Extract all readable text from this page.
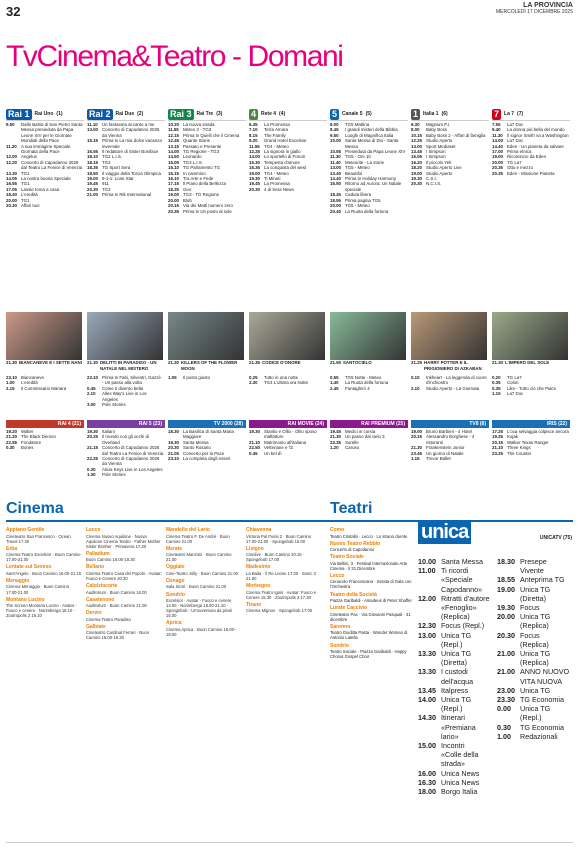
32	LA PROVINCIA
MERCOLEDÌ 17 DICEMBRE 2025
TvCinema&Teatro - Domani
Rai 1	Rai Uno (1)
9.50	Dalle Bahia di San Pietro Santa Messa presieduta da Papa Leone XIV per le Giornate Mondiali della Pace
11.20 A sua immagine Speciale Giornata della Pace
12.00 Angelus
12.20 Concerto di Capodanno 2026 dal Teatro La Fenice di Venezia
13.30 TG1
14.05 La nostra buona Speciale
16.55 TG1
17.05 Lassie torna a casa
18.40 L'eredità
20.00 TG1
20.30 Affari tuoi
Rai 2	Rai Due (2)
11.10 Un fantasma accanto a me
13.00 Concerto di Capodanno 2026 da Vienna
15.15 Prima tv La mia dolce vacanza invernale
16.55 Il redattore di Sister Boniface
18.10 TG2 L.I.S.
18.15 TG2
18.35 TG Sport Sera
18.50 Il viaggio della Torcia Olimpica
19.00 9-1-1: Lone Star
19.45 911
20.30 TG2
21.00 Prima tv Rik International
Rai 3	Rai Tre (3)
10.20 La nuova strada
11.55 Meteo 3 - TG3
12.15 Prima tv Quelli che il Cinema
12.45 Quante Storie
13.15 Passato e Presente
14.00 TG Regione - TG3
14.50 Leonardo
15.05 TG3 L.I.S.
15.10 TG Parlamento TG
15.15 In cammino
16.10 Tra Arte e Fede
17.15 Il Piano della Bellezza
18.25 Geo
19.00 TG3 - TG Regione
20.00 Blob
20.15 Via dei Matti numero zero
20.35 Prima tv Un posto al sole
4	Rete 4 (4)
6.45	La Promessa
7.10	Terra Amara
8.15	The Family
9.20	Grand Hotel Excelsior
11.55 TG4 - Meteo
12.25 La signora in giallo
14.00 Lo sportello di Forum
15.30 Tempesta d'amore
15.35 La conquista del west
19.00 TG4 - Meteo
19.30 Ti Minuti
19.45 La Promessa
20.30 4 di Sera News
5	Canale 5 (5)
8.00	TG5 Mattina
8.45	I grandi misteri della Bibbia
9.50	Luoghi di Magnifica Italia
10.00 Santa Messa di Dio - Santa Messa
10.55 Presieduta da Papa Leone XIV
11.30 TG5 - Ore 10
11.40 Meteorite - La storie
13.00 TG5 - Meteo
13.40 Beautiful
14.40 Prima tv Holiday Harmony
16.50 Ritorno ad Aurora: Un Natale speciale
18.45 Caduta libera
18.55 Prima pagina TG5
20.00 TG5 - Meteo
20.40 La Ruota della fortuna
1	Italia 1 (6)
6.30	Magnum P.I.
8.00	Baby Boss
10.15 Baby Boss 2 - Affari di famiglia
12.25 Studio Aperto
13.00 Sport Mediaset
13.45 I Simpson
15.05 I Simpson
16.20 Il piccolo Yeti
18.20 Studio Aperto Live
19.00 Studio Aperto
19.30 C.S.I.
20.30 N.C.I.S.
7	La 7 (7)
7.55	La7 Doc
9.40	La donna più bella del mondo
11.30 Il signor Smith va a Washington
14.00 La7 Doc
14.40 Eden - Un pianeta da salvare
17.00 Prima etnica
19.00 Ricomincio da Eden
20.00 TG La7
20.35 Otto e mezzo
20.35 Eden - Missione Pianeta
RAI 4 (21)
19.20 Walter
21.20 The Black Demon
22.55 Fondatore
0.30	Bones
RAI 5 (23)
19.30 Italiani
20.25 Il mondo con gli occhi di Overland
21.15 Concerto di Capodanno 2026 dal Teatro La Fenice di Venezia
22.25 Concerto di Capodanno 2026 da Vienna
0.30	Alicia Keys Live in Los Angeles
1.30	Pole Stories
TV 2000 (28)
18.30 La Basilica di Santa Maria Maggiore
19.30 Santa Messa
20.30 Santo Rosario
21.05 Concerto per la Pace
23.10 La compieta degli esseri
RAI MOVIE (24)
19.30 Stanlio e Ollio - Ollio sposo malfattore
21.10 Matrimonio all'italiana
22.50 Vetteriane e 'l2
0.45	Un bel dì
RAI PREMIUM (25)
19.45 Medici in corsia
21.30 Un passo dal cielo 3
23.35 Sorelle
1.20	Caruso
TV8 (8)
19.00 Bruno Barbieri - 4 Hotel
20.15 Alessandro Borghese - 4 ristoranti
21.30 Frankenstein Junior
23.45 Un giorno di Natale
1.15	Trevor Ballet
IRIS (22)
17.25 L'oca selvaggia colpisce ancora
19.25 Kojak
20.15 Walker Texas Ranger
21.10 Three Kings
23.25 The Counter
Cinema	Teatri
Appiano Gentile
Cineteatro San Francesco · Ocean Travel 17.30
Erba
Cinema Teatro Excelsior · Buon Camino 17.00-21.00
Lentate sul Seveso
Sant'Angelo · Buon Camino 16.00-21.15
Menaggio
Cinema Menaggio · Buon Camino 17.00-21.00
Montano Lucino
The Screen Montano Lucino · Avatar - Fuoco e cenere · Norimberga 18.10 · Zootropolis 2 16.10
Lecco
Cinema Nuovo Aquilone · Nuova Aquilone Cinema Teatro · Father Mother Sister Brother · Primavera 17.30
Palladium
Buon Camino 16.00-18.30
Bellano
Cinema Teatro Casa del Popolo · Avatar: Fuoco e Cenere 20.30
Calolziocorte
Auditorium · Buon Camino 16.00
Casatenovo
Auditorium · Buon Camino 21.00
Dervio
Cinema Teatro Paradiso
Galbiate
Cineteatro Cardinal Ferrari · Buon Camino 16.00-18.30
Mandello del Lario
Cinema Teatro F. De André · Buon Camino 21.00
Merate
Cineteatro Manzoni · Buon Camino 21.00
Oggiate
Cine-Teatro Jolly · Buon Camino 21.00
Osnago
Sala Sirori · Buon Camino 21.00
Sondrio
Excelsior · Avatar - Fuoco e cenere 14.00 · Norimberga 18.00-21.10 · Spongebob - Un'avventura da pirati 15.00
Aprica
Cinema Aprica · Buon Camino 16.00-18.00
Chiavenna
Victoria Pal Pussi 2 · Buon Camino 17.00-21.00 · Spongebob 15.00
Livigno
Cinelive · Buon Camino 20.15 · Spongebob 17.00
Madesimo
La Baita · Il Re Leone 17.00 · Sonic 3 21.00
Morbegno
Cinema Teatro Ignis · Avatar: Fuoco e Cenere 15.30 · Zootropolis 2 17.30
Tirano
Cinema Mignon · Spongebob 17.00
Como
Teatro Cristallo · Lecco · Lo strano cliente
Nuovo Teatro Rebbio
Concerto di Capodanno
Teatro Sociale
Via Bellini, 3 · Festival Internazionale Arte Cinema · Il 31 Dicembre
Lecco
Cenacolo Francescano · Serata di Gala con l'Orchestra
Teatro della Società
Piazza Garibaldi · Amadeus di Peter Shaffer
Lurate Caccivio
Cineteatro Pax · Via Giovanni Pasquali · 31 dicembre
Saronno
Teatro Giuditta Pasta · Wonder Woman di Antonio Latella
Sondrio
Teatro Sociale · Piazza Garibaldi · Happy Chorus Gospel Choir
unica	UNICATV (75)
10.00 Santa Messa
11.00 Ti ricordi
«Speciale Capodanno»
12.00 Ritratti d'autore
«Fenoglio» (Replica)
12.30 Focus (Repl.)
13.00 Unica TG (Repl.)
13.30 Unica TG
(Diretta)
13.30 I custodi dell'acqua
13.45 Italpress
14.00 Unica TG (Repl.)
14.30 Itinerari
«Premiana lario»
15.00 Incontri
«Colle della strada»
16.00 Unica News
16.30 Unica News
18.00 Borgo Italia
18.30 Presepe Vivente
18.55 Anteprima TG
19.00 Unica TG
(Diretta)
19.30 Focus
20.00 Unica TG
(Replica)
20.30 Focus
(Replica)
21.00 Unica TG
(Replica)
21.00 ANNO NUOVO VITA NUOVA
23.00 Unica TG
23.30 TG Economia
0.00	Unica TG (Repl.)
0.30	TG Economia
1.00	Redazionali
21.30 BIANCANEVE E I SETTE NANI
23.10 Biancaneve
1.00	L'eredità
2.15	Il Commissario Manara
21.30 DELITTI IN PARADISO - UN NATALE NEL MISTERO
23.10 Prima tv Fabi, Silvestri, Gazzè - Un passo alla volta
0.45	Come ti divento bella
2.10	Alles Way's Live in Los Angeles
3.00	Pole Stories
21.30 KILLERS OF THE FLOWER MOON
1.05	Il posto giusto
21.35 CODICE D'ONORE
0.25	Tutto in una notte
2.30	TG4 L'ultima ora Notte
21.55 SANTOCIELO
0.55	TG5 Notte - Meteo
1.40	La Ruota della fortuna
2.45	Fantaghirò 4
21.25 HARRY POTTER E IL PRIGIONIERO DI AZKABAN
0.10	Inkheart - La leggenda di cuore d'inchiostro
2.10	Studio Aperto - La Giornata
21.30 L'IMPERO DEL SOLE
0.20	TG La7
0.35	Colori
0.35	Like - Tutto ciò che Piace
1.15	La7 Doc
